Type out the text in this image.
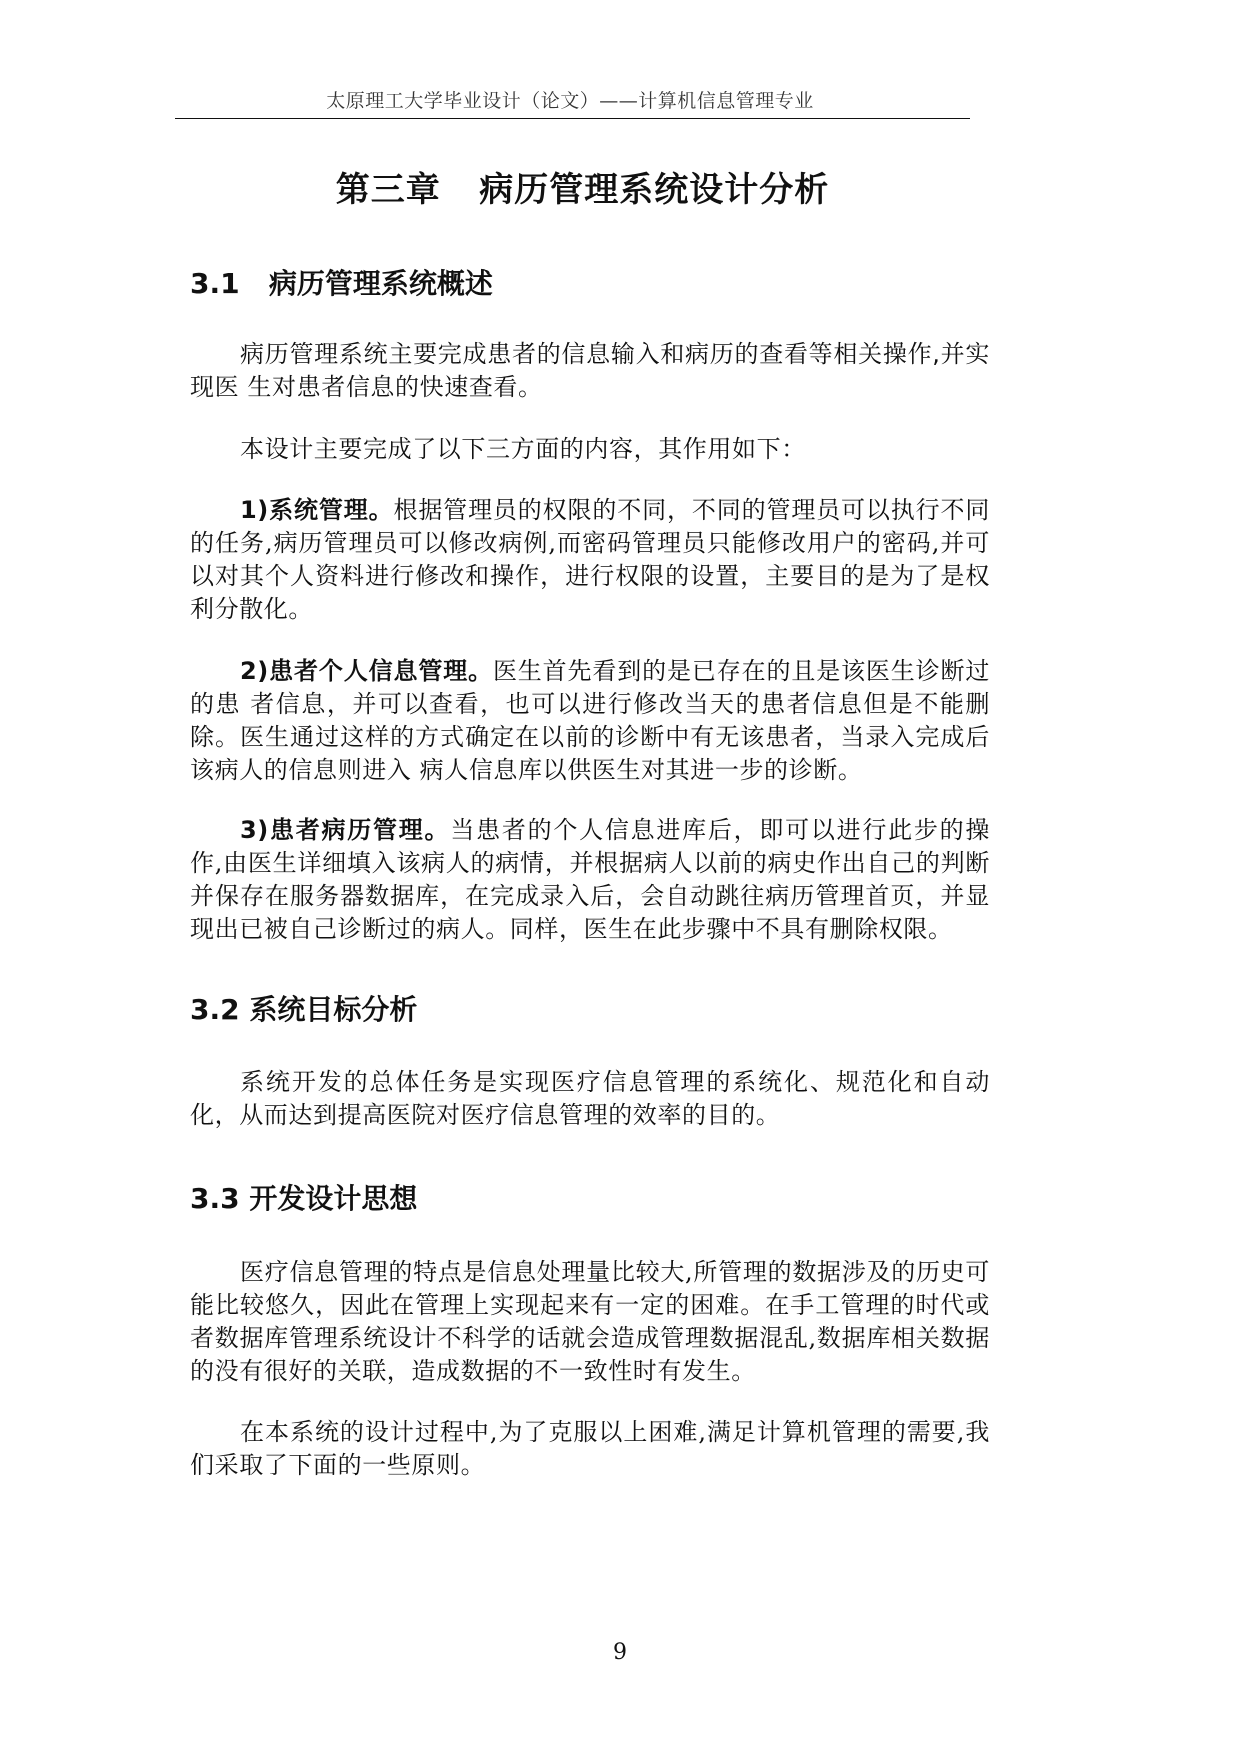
太原理工大学毕业设计（论文）——计算机信息管理专业
第三章   病历管理系统设计分析
3.1   病历管理系统概述
病历管理系统主要完成患者的信息输入和病历的查看等相关操作,并实现医 生对患者信息的快速查看。
本设计主要完成了以下三方面的内容，其作用如下：
1)系统管理。根据管理员的权限的不同，不同的管理员可以执行不同的任务,病历管理员可以修改病例,而密码管理员只能修改用户的密码,并可以对其个人资料进行修改和操作，进行权限的设置，主要目的是为了是权利分散化。
2)患者个人信息管理。医生首先看到的是已存在的且是该医生诊断过的患 者信息，并可以查看，也可以进行修改当天的患者信息但是不能删除。医生通过这样的方式确定在以前的诊断中有无该患者，当录入完成后该病人的信息则进入 病人信息库以供医生对其进一步的诊断。
3)患者病历管理。当患者的个人信息进库后，即可以进行此步的操作,由医生详细填入该病人的病情，并根据病人以前的病史作出自己的判断并保存在服务器数据库，在完成录入后，会自动跳往病历管理首页，并显现出已被自己诊断过的病人。同样，医生在此步骤中不具有删除权限。
3.2 系统目标分析
系统开发的总体任务是实现医疗信息管理的系统化、规范化和自动化，从而达到提高医院对医疗信息管理的效率的目的。
3.3 开发设计思想
医疗信息管理的特点是信息处理量比较大,所管理的数据涉及的历史可能比较悠久，因此在管理上实现起来有一定的困难。在手工管理的时代或者数据库管理系统设计不科学的话就会造成管理数据混乱,数据库相关数据的没有很好的关联，造成数据的不一致性时有发生。
在本系统的设计过程中,为了克服以上困难,满足计算机管理的需要,我们采取了下面的一些原则。
9
